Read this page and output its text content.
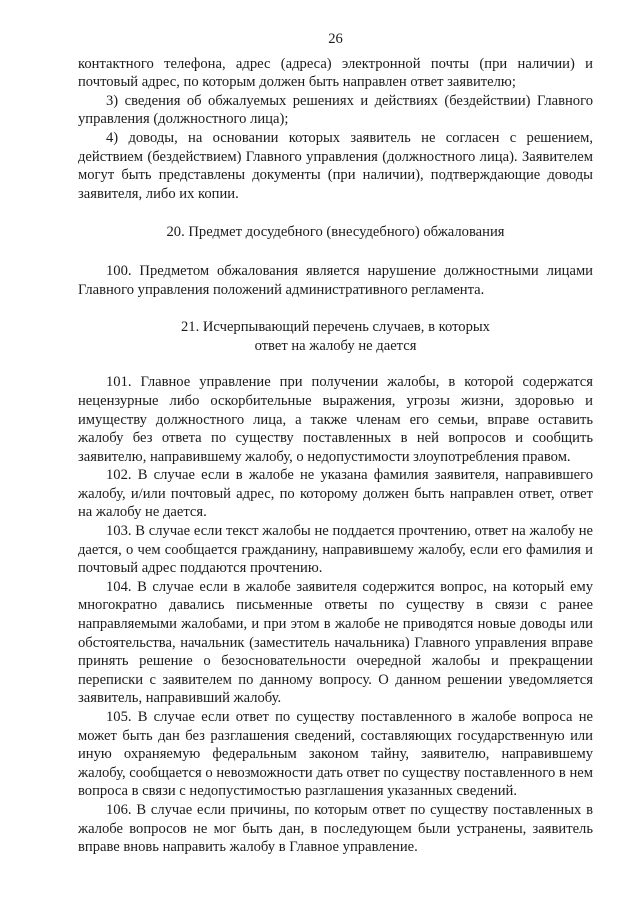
26

контактного телефона, адрес (адреса) электронной почты (при наличии) и почтовый адрес, по которым должен быть направлен ответ заявителю;

3) сведения об обжалуемых решениях и действиях (бездействии) Главного управления (должностного лица);

4) доводы, на основании которых заявитель не согласен с решением, действием (бездействием) Главного управления (должностного лица). Заявителем могут быть представлены документы (при наличии), подтверждающие доводы заявителя, либо их копии.

20. Предмет досудебного (внесудебного) обжалования

100. Предметом обжалования является нарушение должностными лицами Главного управления положений административного регламента.

21. Исчерпывающий перечень случаев, в которых
ответ на жалобу не дается

101. Главное управление при получении жалобы, в которой содержатся нецензурные либо оскорбительные выражения, угрозы жизни, здоровью и имуществу должностного лица, а также членам его семьи, вправе оставить жалобу без ответа по существу поставленных в ней вопросов и сообщить заявителю, направившему жалобу, о недопустимости злоупотребления правом.

102. В случае если в жалобе не указана фамилия заявителя, направившего жалобу, и/или почтовый адрес, по которому должен быть направлен ответ, ответ на жалобу не дается.

103. В случае если текст жалобы не поддается прочтению, ответ на жалобу не дается, о чем сообщается гражданину, направившему жалобу, если его фамилия и почтовый адрес поддаются прочтению.

104. В случае если в жалобе заявителя содержится вопрос, на который ему многократно давались письменные ответы по существу в связи с ранее направляемыми жалобами, и при этом в жалобе не приводятся новые доводы или обстоятельства, начальник (заместитель начальника) Главного управления вправе принять решение о безосновательности очередной жалобы и прекращении переписки с заявителем по данному вопросу. О данном решении уведомляется заявитель, направивший жалобу.

105. В случае если ответ по существу поставленного в жалобе вопроса не может быть дан без разглашения сведений, составляющих государственную или иную охраняемую федеральным законом тайну, заявителю, направившему жалобу, сообщается о невозможности дать ответ по существу поставленного в нем вопроса в связи с недопустимостью разглашения указанных сведений.

106. В случае если причины, по которым ответ по существу поставленных в жалобе вопросов не мог быть дан, в последующем были устранены, заявитель вправе вновь направить жалобу в Главное управление.
